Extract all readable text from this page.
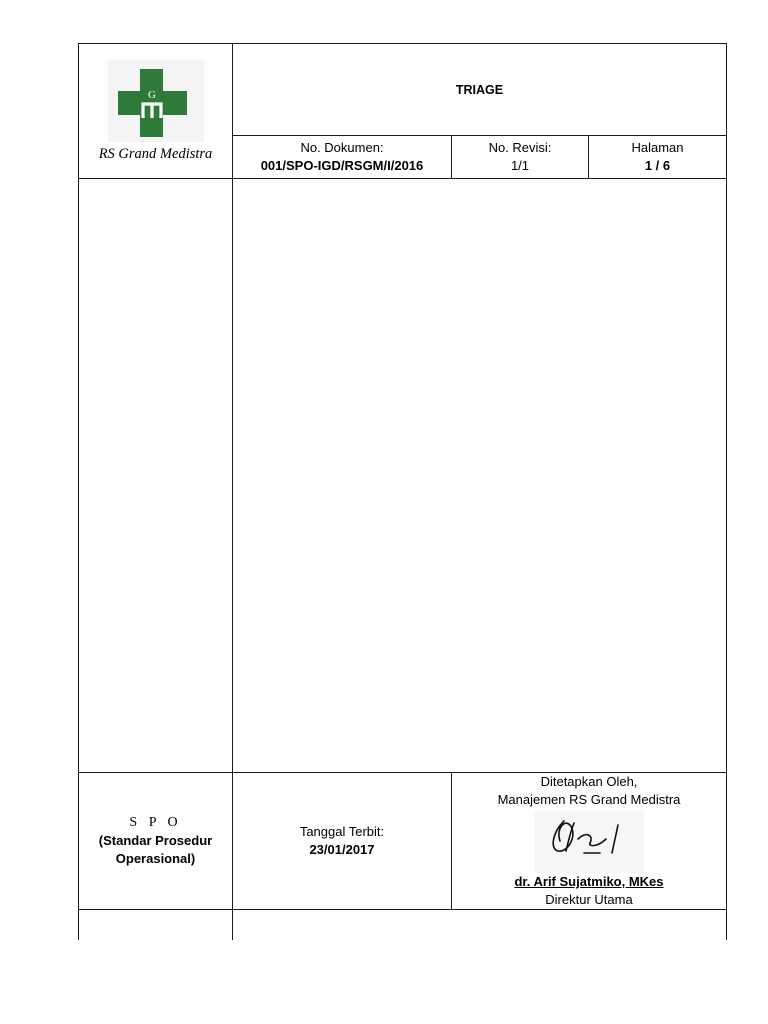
G
RS Grand Medistra
TRIAGE
No. Dokumen:
001/SPO-IGD/RSGM/I/2016
No. Revisi:
1/1
Halaman
1 / 6
S P O
(Standar Prosedur
Operasional)
Tanggal Terbit:
23/01/2017
Ditetapkan Oleh,
Manajemen RS Grand Medistra
dr. Arif Sujatmiko, MKes
Direktur Utama
